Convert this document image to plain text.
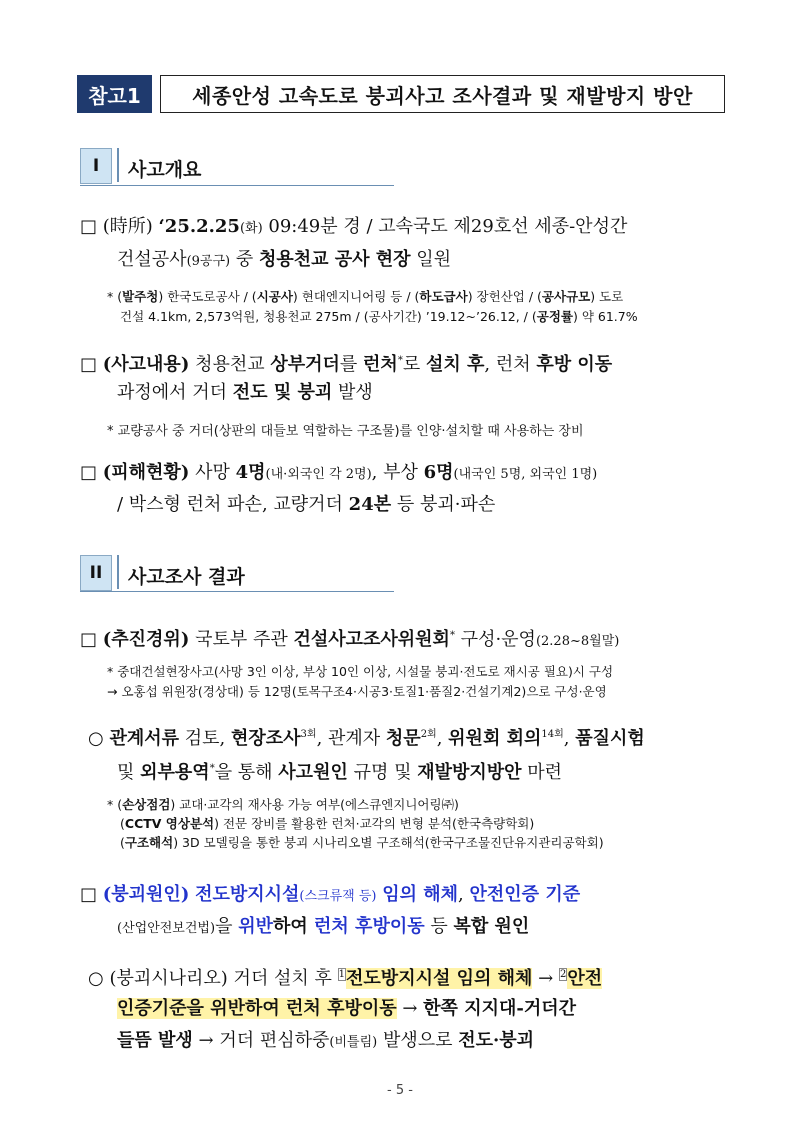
참고1	세종안성 고속도로 붕괴사고 조사결과 및 재발방지 방안
I	사고개요
□ (時所) ‘25.2.25(화) 09:49분 경 / 고속국도 제29호선 세종-안성간
건설공사(9공구) 중 청용천교 공사 현장 일원
* (발주청) 한국도로공사 / (시공사) 현대엔지니어링 등 / (하도급사) 장헌산업 / (공사규모) 도로
건설 4.1km, 2,573억원, 청용천교 275m / (공사기간) ’19.12~’26.12, / (공정률) 약 61.7%
□ (사고내용) 청용천교 상부거더를 런처*로 설치 후, 런처 후방 이동
과정에서 거더 전도 및 붕괴 발생
* 교량공사 중 거더(상판의 대들보 역할하는 구조물)를 인양·설치할 때 사용하는 장비
□ (피해현황) 사망 4명(내·외국인 각 2명), 부상 6명(내국인 5명, 외국인 1명)
/ 박스형 런처 파손, 교량거더 24본 등 붕괴·파손
II	사고조사 결과
□ (추진경위) 국토부 주관 건설사고조사위원회* 구성·운영(2.28~8월말)
* 중대건설현장사고(사망 3인 이상, 부상 10인 이상, 시설물 붕괴·전도로 재시공 필요)시 구성
→ 오홍섭 위원장(경상대) 등 12명(토목구조4·시공3·토질1·품질2·건설기계2)으로 구성·운영
○ 관계서류 검토, 현장조사$^{3회}$, 관계자 청문$^{2회}$, 위원회 회의$^{14회}$, 품질시험
및 외부용역*을 통해 사고원인 규명 및 재발방지방안 마련
* (손상점검) 교대·교각의 재사용 가능 여부(에스큐엔지니어링㈜)
(CCTV 영상분석) 전문 장비를 활용한 런처·교각의 변형 분석(한국측량학회)
(구조해석) 3D 모델링을 통한 붕괴 시나리오별 구조해석(한국구조물진단유지관리공학회)
□ (붕괴원인) 전도방지시설(스크류잭 등) 임의 해체, 안전인증 기준
(산업안전보건법)을 위반하여 런처 후방이동 등 복합 원인
○ (붕괴시나리오) 거더 설치 후 $^1$전도방지시설 임의 해체 → $^2$안전
인증기준을 위반하여 런처 후방이동 → 한쪽 지지대-거더간
들뜸 발생 → 거더 편심하중(비틀림) 발생으로 전도·붕괴
- 5 -
